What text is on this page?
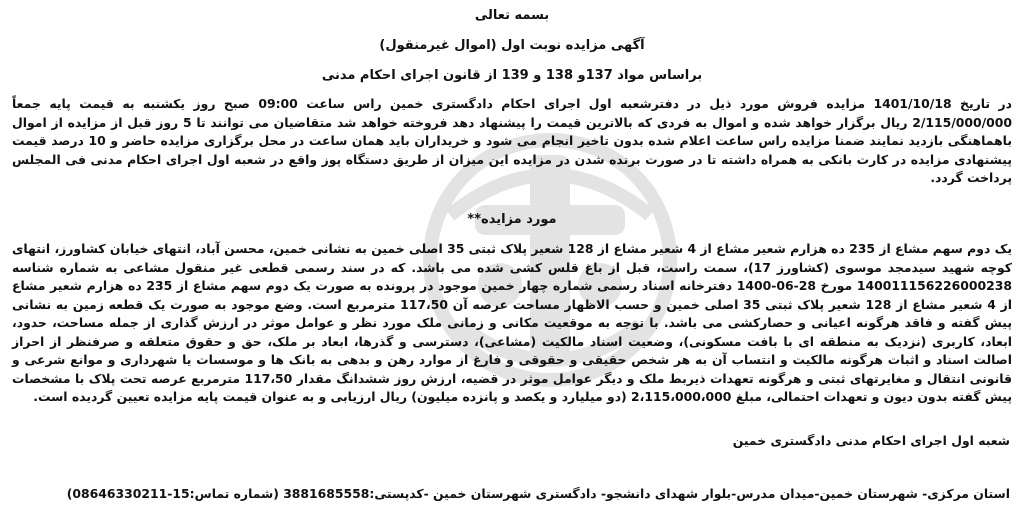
بسمه تعالی
آگهی مزایده نوبت اول (اموال غیرمنقول)
براساس مواد 137و 138 و 139 از قانون اجرای احکام مدنی

در تاریخ 1401/10/18 مزایده فروش مورد ذیل در دفترشعبه اول اجرای احکام دادگستری خمین راس ساعت 09:00 صبح روز یکشنبه به قیمت پایه جمعاً 2/115/000/000 ریال برگزار خواهد شده و اموال به فردی که بالاترین قیمت را پیشنهاد دهد فروخته خواهد شد متقاضیان می توانند تا 5 روز قبل از مزایده از اموال باهماهنگی بازدید نمایند ضمنا مزایده راس ساعت اعلام شده بدون تاخیر انجام می شود و خریداران باید همان ساعت در محل برگزاری مزایده حاضر و 10 درصد قیمت پیشنهادی مزایده در کارت بانکی به همراه داشته تا در صورت برنده شدن در مزایده این میزان از طریق دستگاه پوز واقع در شعبه اول اجرای احکام مدنی فی المجلس پرداخت گردد.

مورد مزایده**

یک دوم سهم مشاع از 235 ده هزارم شعیر مشاع از 4 شعیر مشاع از 128 شعیر پلاک ثبتی 35 اصلی خمین به نشانی خمین، محسن آباد، انتهای خیابان کشاورز، انتهای کوچه شهید سیدمجد موسوی (کشاورز 17)، سمت راست، قبل از باغ قلس کشی شده می باشد. که در سند رسمی قطعی غیر منقول مشاعی به شماره شناسه 140011156226000238 مورخ 28-06-1400 دفترخانه اسناد رسمی شماره چهار خمین موجود در پرونده به صورت یک دوم سهم مشاع از 235 ده هزارم شعیر مشاع از 4 شعیر مشاع از 128 شعیر پلاک ثبتی 35 اصلی خمین و حسب الاظهار مساحت عرصه آن 117،50 مترمربع است. وضع موجود به صورت یک قطعه زمین به نشانی پیش گفته و فاقد هرگونه اعیانی و حصارکشی می باشد. با توجه به موقعیت مکانی و زمانی ملک مورد نظر و عوامل موثر در ارزش گذاری از جمله مساحت، حدود، ابعاد، کاربری (نزدیک به منطقه ای با بافت مسکونی)، وضعیت اسناد مالکیت (مشاعی)، دسترسی و گذرها، ابعاد بر ملک، حق و حقوق متعلقه و صرفنظر از احراز اصالت اسناد و اثبات هرگونه مالکیت و انتساب آن به هر شخص حقیقی و حقوقی و فارغ از موارد رهن و بدهی به بانک ها و موسسات یا شهرداری و موانع شرعی و قانونی انتقال و مغایرتهای ثبتی و هرگونه تعهدات ذیربط ملک و دیگر عوامل موثر در قضیه، ارزش روز ششدانگ مقدار 117،50 مترمربع عرصه تحت پلاک با مشخصات پیش گفته بدون دیون و تعهدات احتمالی، مبلغ 2،115،000،000 (دو میلیارد و یکصد و پانزده میلیون) ریال ارزیابی و به عنوان قیمت پایه مزایده تعیین گردیده است.

شعبه اول اجرای احکام مدنی دادگستری خمین
استان مرکزی- شهرستان خمین-میدان مدرس-بلوار شهدای دانشجو- دادگستری شهرستان خمین -کدپستی:3881685558 (شماره تماس:15-08646330211)
